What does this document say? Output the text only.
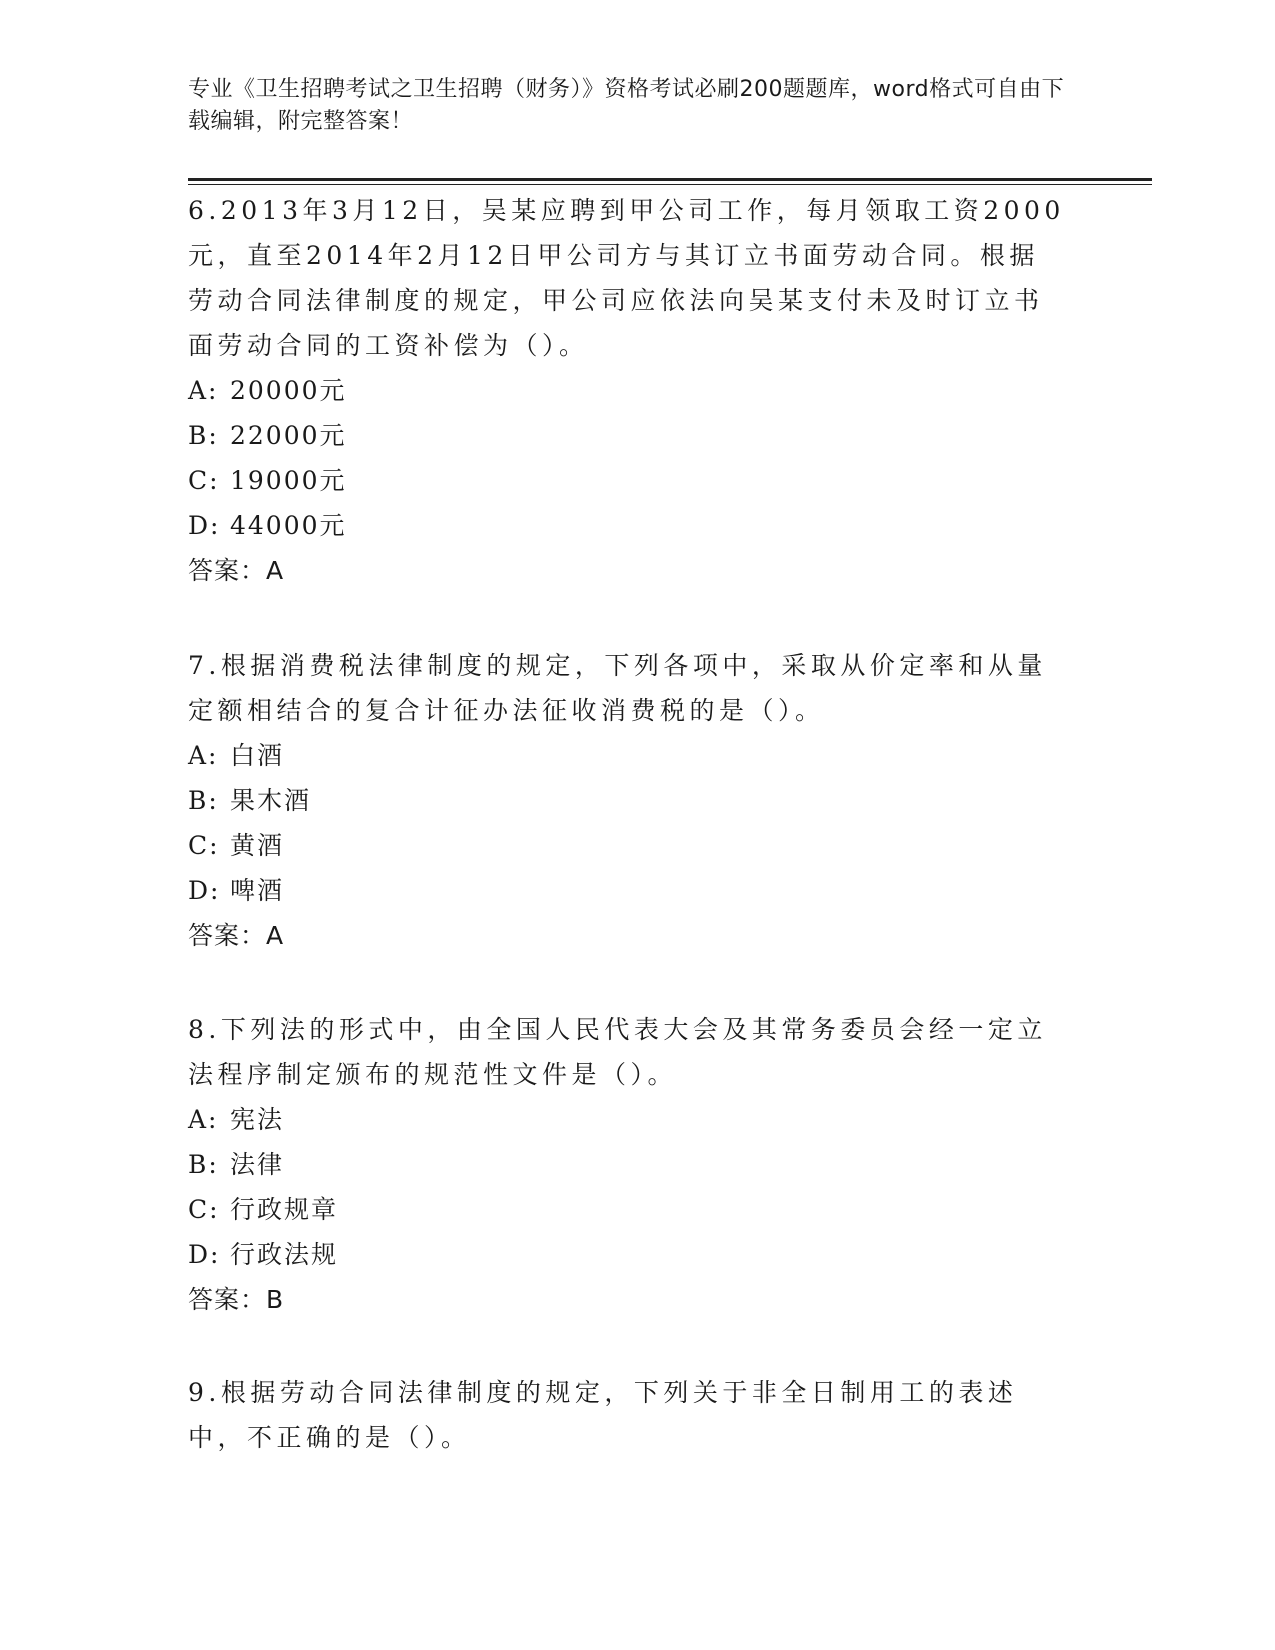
专业《卫生招聘考试之卫生招聘（财务）》资格考试必刷200题题库，word格式可自由下载编辑，附完整答案！

6.2013年3月12日，吴某应聘到甲公司工作，每月领取工资2000元，直至2014年2月12日甲公司方与其订立书面劳动合同。根据劳动合同法律制度的规定，甲公司应依法向吴某支付未及时订立书面劳动合同的工资补偿为（）。

A: 20000元
B: 22000元
C: 19000元
D: 44000元
答案：A

7.根据消费税法律制度的规定，下列各项中，采取从价定率和从量定额相结合的复合计征办法征收消费税的是（）。

A: 白酒
B: 果木酒
C: 黄酒
D: 啤酒
答案：A

8.下列法的形式中，由全国人民代表大会及其常务委员会经一定立法程序制定颁布的规范性文件是（）。

A: 宪法
B: 法律
C: 行政规章
D: 行政法规
答案：B

9.根据劳动合同法律制度的规定，下列关于非全日制用工的表述中，不正确的是（）。
